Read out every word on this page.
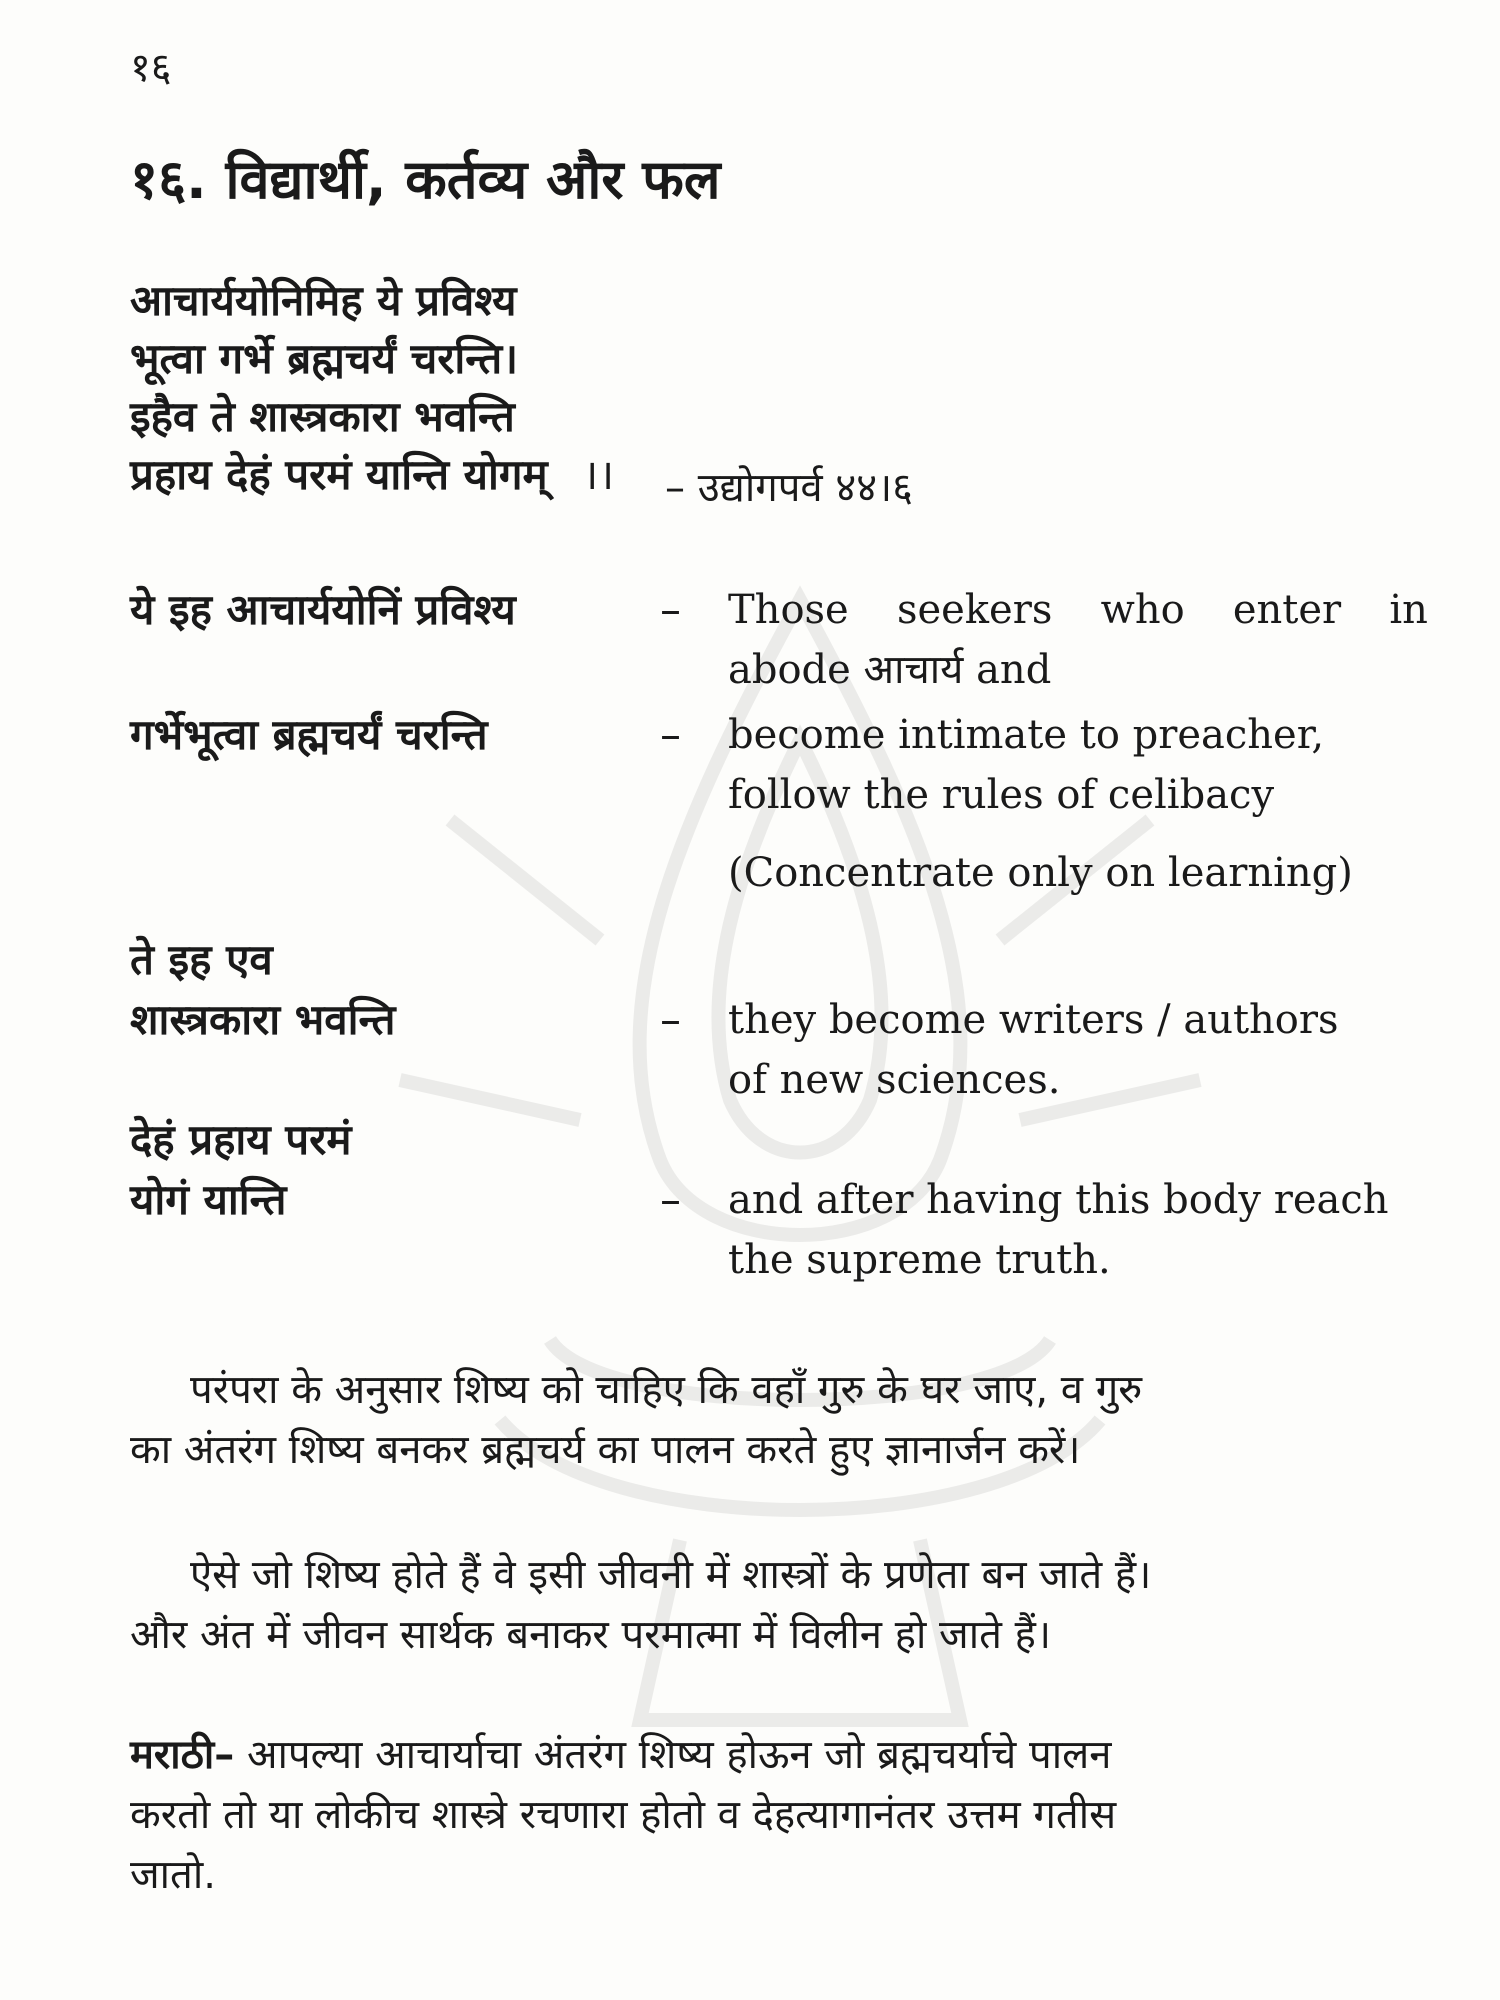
१६
१६. विद्यार्थी, कर्तव्य और फल
आचार्ययोनिमिह ये प्रविश्य
भूत्वा गर्भे ब्रह्मचर्यं चरन्ति।
इहैव ते शास्त्रकारा भवन्ति
प्रहाय देहं परमं यान्ति योगम् ।। – उद्योगपर्व ४४।६
ये इह आचार्ययोनिं प्रविश्य	– Those seekers who enter in
abode आचार्य and
गर्भेभूत्वा ब्रह्मचर्यं चरन्ति	– become intimate to preacher,
follow the rules of celibacy
(Concentrate only on learning)
ते इह एव
शास्त्रकारा भवन्ति	– they become writers / authors
of new sciences.
देहं प्रहाय परमं
योगं यान्ति	– and after having this body reach
the supreme truth.
परंपरा के अनुसार शिष्य को चाहिए कि वहाँ गुरु के घर जाए, व गुरु
का अंतरंग शिष्य बनकर ब्रह्मचर्य का पालन करते हुए ज्ञानार्जन करें।
ऐसे जो शिष्य होते हैं वे इसी जीवनी में शास्त्रों के प्रणेता बन जाते हैं।
और अंत में जीवन सार्थक बनाकर परमात्मा में विलीन हो जाते हैं।
मराठी– आपल्या आचार्याचा अंतरंग शिष्य होऊन जो ब्रह्मचर्याचे पालन
करतो तो या लोकीच शास्त्रे रचणारा होतो व देहत्यागानंतर उत्तम गतीस
जातो.
